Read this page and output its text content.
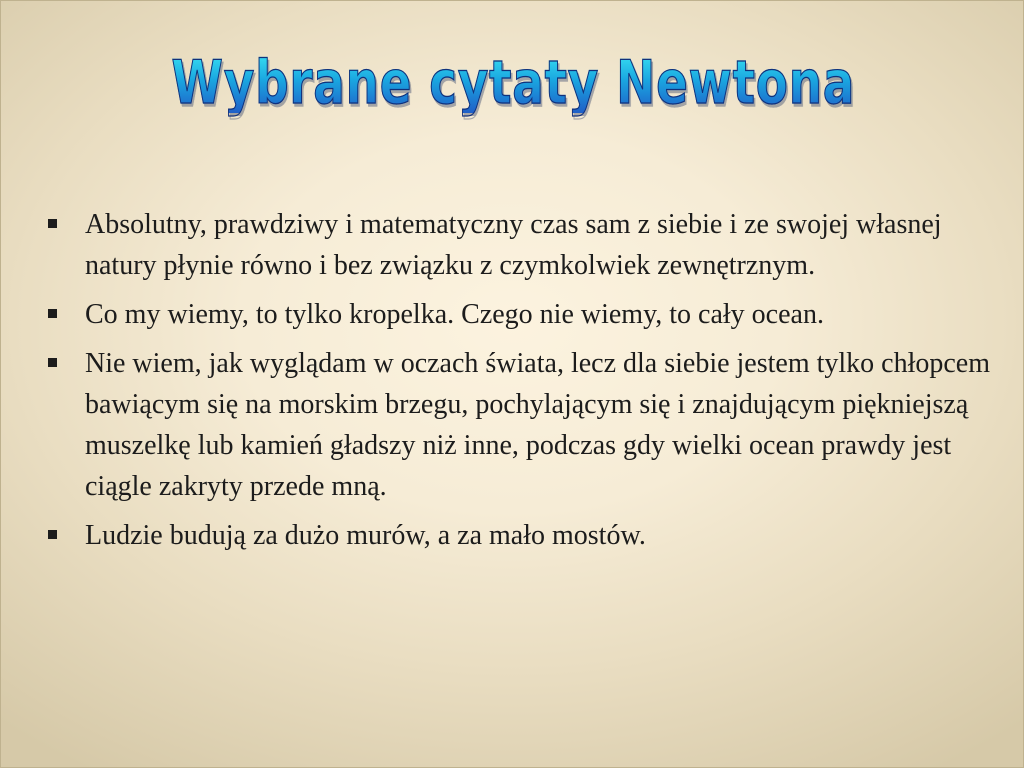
Wybrane cytaty Newtona
Absolutny, prawdziwy i matematyczny czas sam z siebie i ze swojej własnej natury płynie równo i bez związku z czymkolwiek zewnętrznym.
Co my wiemy, to tylko kropelka. Czego nie wiemy, to cały ocean.
Nie wiem, jak wyglądam w oczach świata, lecz dla siebie jestem tylko chłopcem bawiącym się na morskim brzegu, pochylającym się i znajdującym piękniejszą muszelkę lub kamień gładszy niż inne, podczas gdy wielki ocean prawdy jest ciągle zakryty przede mną.
Ludzie budują za dużo murów, a za mało mostów.
